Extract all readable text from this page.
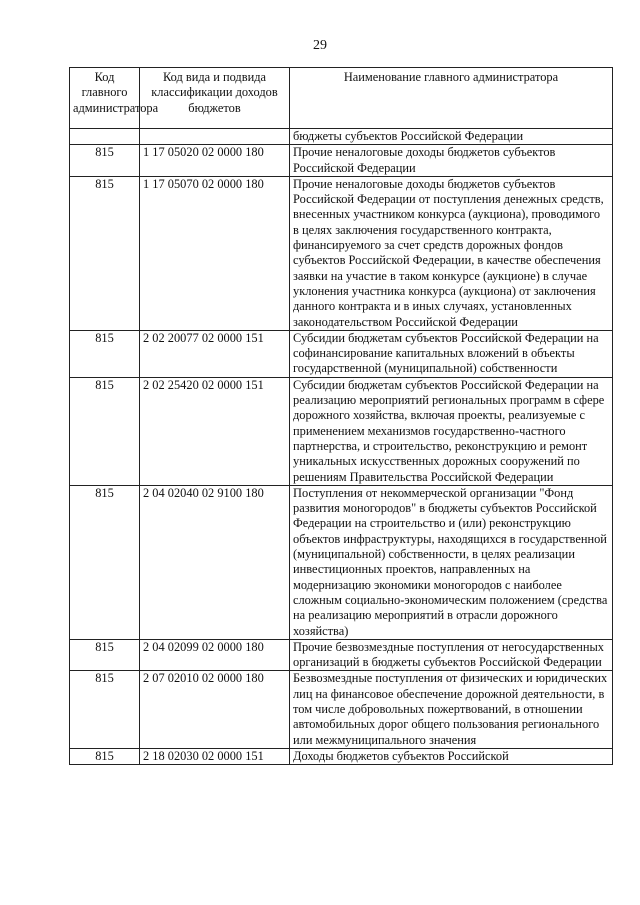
29
Код главного администратора	Код вида и подвида классификации доходов бюджетов	Наименование главного администратора
		бюджеты субъектов Российской Федерации
815	1 17 05020 02 0000 180	Прочие неналоговые доходы бюджетов субъектов Российской Федерации
815	1 17 05070 02 0000 180	Прочие неналоговые доходы бюджетов субъектов Российской Федерации от поступления денежных средств, внесенных участником конкурса (аукциона), проводимого в целях заключения государственного контракта, финансируемого за счет средств дорожных фондов субъектов Российской Федерации, в качестве обеспечения заявки на участие в таком конкурсе (аукционе) в случае уклонения участника конкурса (аукциона) от заключения данного контракта и в иных случаях, установленных законодательством Российской Федерации
815	2 02 20077 02 0000 151	Субсидии бюджетам субъектов Российской Федерации на софинансирование капитальных вложений в объекты государственной (муниципальной) собственности
815	2 02 25420 02 0000 151	Субсидии бюджетам субъектов Российской Федерации на реализацию мероприятий региональных программ в сфере дорожного хозяйства, включая проекты, реализуемые с применением механизмов государственно-частного партнерства, и строительство, реконструкцию и ремонт уникальных искусственных дорожных сооружений по решениям Правительства Российской Федерации
815	2 04 02040 02 9100 180	Поступления от некоммерческой организации "Фонд развития моногородов" в бюджеты субъектов Российской Федерации на строительство и (или) реконструкцию объектов инфраструктуры, находящихся в государственной (муниципальной) собственности, в целях реализации инвестиционных проектов, направленных на модернизацию экономики моногородов с наиболее сложным социально-экономическим положением (средства на реализацию мероприятий в отрасли дорожного хозяйства)
815	2 04 02099 02 0000 180	Прочие безвозмездные поступления от негосударственных организаций в бюджеты субъектов Российской Федерации
815	2 07 02010 02 0000 180	Безвозмездные поступления от физических и юридических лиц на финансовое обеспечение дорожной деятельности, в том числе добровольных пожертвований, в отношении автомобильных дорог общего пользования регионального или межмуниципального значения
815	2 18 02030 02 0000 151	Доходы бюджетов субъектов Российской
